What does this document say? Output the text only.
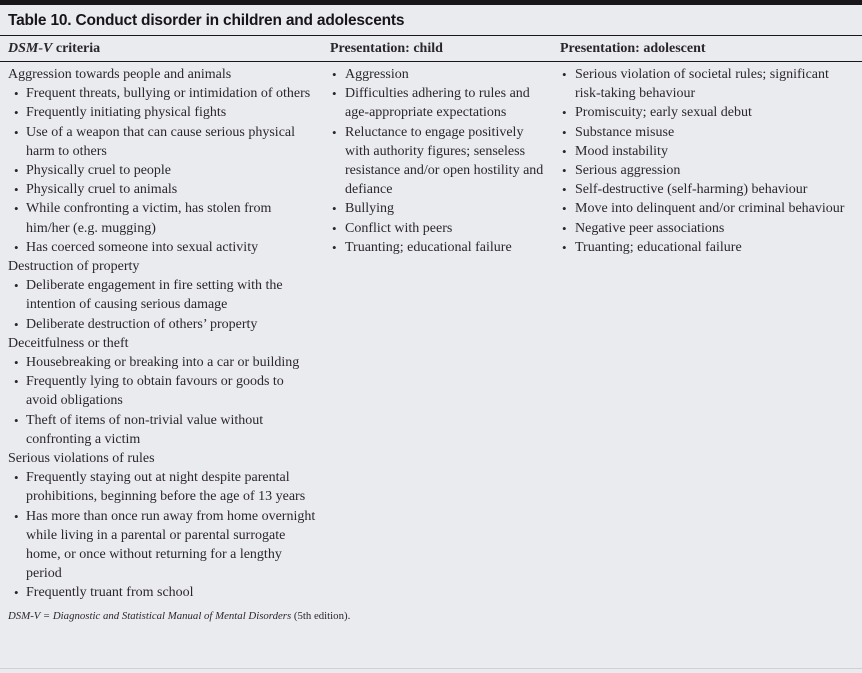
Table 10. Conduct disorder in children and adolescents
DSM-V criteria	Presentation: child	Presentation: adolescent
Aggression towards people and animals
• Frequent threats, bullying or intimidation of others
• Frequently initiating physical fights
• Use of a weapon that can cause serious physical harm to others
• Physically cruel to people
• Physically cruel to animals
• While confronting a victim, has stolen from him/her (e.g. mugging)
• Has coerced someone into sexual activity
Destruction of property
• Deliberate engagement in fire setting with the intention of causing serious damage
• Deliberate destruction of others’ property
Deceitfulness or theft
• Housebreaking or breaking into a car or building
• Frequently lying to obtain favours or goods to avoid obligations
• Theft of items of non-trivial value without confronting a victim
Serious violations of rules
• Frequently staying out at night despite parental prohibitions, beginning before the age of 13 years
• Has more than once run away from home overnight while living in a parental or parental surrogate home, or once without returning for a lengthy period
• Frequently truant from school
• Aggression
• Difficulties adhering to rules and age-appropriate expectations
• Reluctance to engage positively with authority figures; senseless resistance and/or open hostility and defiance
• Bullying
• Conflict with peers
• Truanting; educational failure
• Serious violation of societal rules; significant risk-taking behaviour
• Promiscuity; early sexual debut
• Substance misuse
• Mood instability
• Serious aggression
• Self-destructive (self-harming) behaviour
• Move into delinquent and/or criminal behaviour
• Negative peer associations
• Truanting; educational failure
DSM-V = Diagnostic and Statistical Manual of Mental Disorders (5th edition).
